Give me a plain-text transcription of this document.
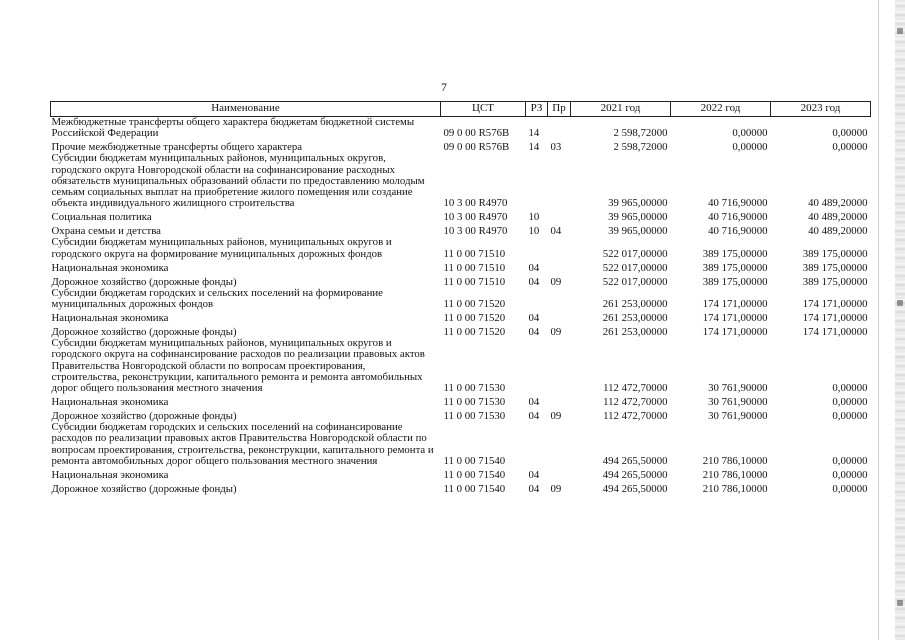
7
Наименование	ЦСТ	РЗ	Пр	2021 год	2022 год	2023 год
Межбюджетные трансферты общего характера бюджетам бюджетной системы Российской Федерации	09 0 00 R576В	14		2 598,72000	0,00000	0,00000
Прочие межбюджетные трансферты общего характера	09 0 00 R576В	14	03	2 598,72000	0,00000	0,00000
Субсидии бюджетам муниципальных районов, муниципальных округов, городского округа Новгородской области на софинансирование расходных обязательств муниципальных образований области по предоставлению молодым семьям социальных выплат на приобретение жилого помещения или создание объекта индивидуального жилищного строительства	10 3 00 R4970			39 965,00000	40 716,90000	40 489,20000
Социальная политика	10 3 00 R4970	10		39 965,00000	40 716,90000	40 489,20000
Охрана семьи и детства	10 3 00 R4970	10	04	39 965,00000	40 716,90000	40 489,20000
Субсидии бюджетам муниципальных районов, муниципальных округов и городского округа на формирование муниципальных дорожных фондов	11 0 00 71510			522 017,00000	389 175,00000	389 175,00000
Национальная экономика	11 0 00 71510	04		522 017,00000	389 175,00000	389 175,00000
Дорожное хозяйство (дорожные фонды)	11 0 00 71510	04	09	522 017,00000	389 175,00000	389 175,00000
Субсидии бюджетам городских и сельских поселений на формирование муниципальных дорожных фондов	11 0 00 71520			261 253,00000	174 171,00000	174 171,00000
Национальная экономика	11 0 00 71520	04		261 253,00000	174 171,00000	174 171,00000
Дорожное хозяйство (дорожные фонды)	11 0 00 71520	04	09	261 253,00000	174 171,00000	174 171,00000
Субсидии бюджетам муниципальных районов, муниципальных округов и городского округа на софинансирование расходов по реализации правовых актов Правительства Новгородской области по вопросам проектирования, строительства, реконструкции, капитального ремонта и ремонта автомобильных дорог общего пользования местного значения	11 0 00 71530			112 472,70000	30 761,90000	0,00000
Национальная экономика	11 0 00 71530	04		112 472,70000	30 761,90000	0,00000
Дорожное хозяйство (дорожные фонды)	11 0 00 71530	04	09	112 472,70000	30 761,90000	0,00000
Субсидии бюджетам городских и сельских поселений на софинансирование расходов по реализации правовых актов Правительства Новгородской области по вопросам проектирования, строительства, реконструкции, капитального ремонта и ремонта автомобильных дорог общего пользования местного значения	11 0 00 71540			494 265,50000	210 786,10000	0,00000
Национальная экономика	11 0 00 71540	04		494 265,50000	210 786,10000	0,00000
Дорожное хозяйство (дорожные фонды)	11 0 00 71540	04	09	494 265,50000	210 786,10000	0,00000
